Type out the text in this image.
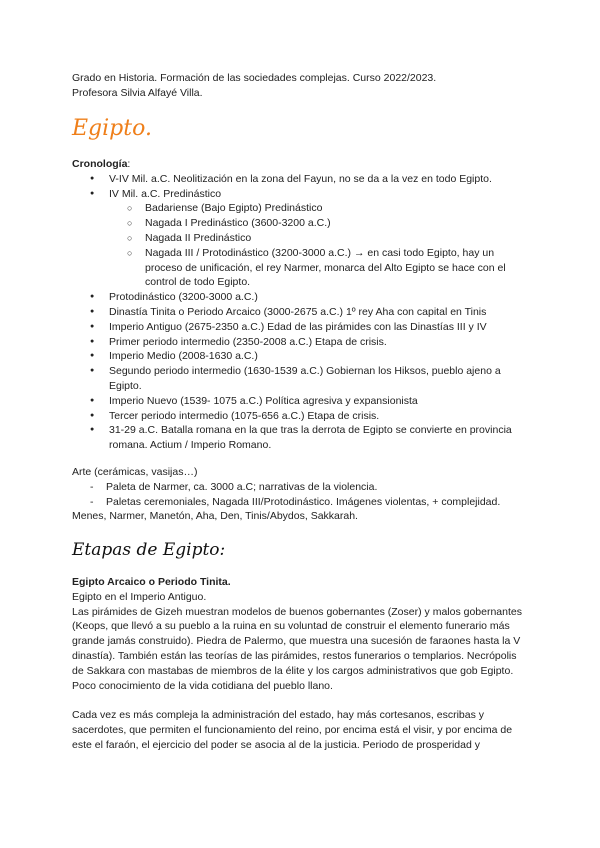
Grado en Historia. Formación de las sociedades complejas. Curso 2022/2023.

Profesora Silvia Alfayé Villa.

Egipto.

Cronología:

● V-IV Mil. a.C. Neolitización en la zona del Fayun, no se da a la vez en todo Egipto.
● IV Mil. a.C. Predinástico
○ Badariense (Bajo Egipto) Predinástico
○ Nagada I Predinástico (3600-3200 a.C.)
○ Nagada II Predinástico
○ Nagada III / Protodinástico (3200-3000 a.C.) → en casi todo Egipto, hay un proceso de unificación, el rey Narmer, monarca del Alto Egipto se hace con el control de todo Egipto.
● Protodinástico (3200-3000 a.C.)
● Dinastía Tinita o Periodo Arcaico (3000-2675 a.C.) 1º rey Aha con capital en Tinis
● Imperio Antiguo (2675-2350 a.C.) Edad de las pirámides con las Dinastías III y IV
● Primer periodo intermedio (2350-2008 a.C.) Etapa de crisis.
● Imperio Medio (2008-1630 a.C.)
● Segundo periodo intermedio (1630-1539 a.C.) Gobiernan los Hiksos, pueblo ajeno a Egipto.
● Imperio Nuevo (1539- 1075 a.C.) Política agresiva y expansionista
● Tercer periodo intermedio (1075-656 a.C.) Etapa de crisis.
● 31-29 a.C. Batalla romana en la que tras la derrota de Egipto se convierte en provincia romana. Actium / Imperio Romano.

Arte (cerámicas, vasijas…)

- Paleta de Narmer, ca. 3000 a.C; narrativas de la violencia.
- Paletas ceremoniales, Nagada III/Protodinástico. Imágenes violentas, + complejidad.

Menes, Narmer, Manetón, Aha, Den, Tinis/Abydos, Sakkarah.

Etapas de Egipto:

Egipto Arcaico o Periodo Tinita.

Egipto en el Imperio Antiguo.

Las pirámides de Gizeh muestran modelos de buenos gobernantes (Zoser) y malos gobernantes (Keops, que llevó a su pueblo a la ruina en su voluntad de construir el elemento funerario más grande jamás construido). Piedra de Palermo, que muestra una sucesión de faraones hasta la V dinastía). También están las teorías de las pirámides, restos funerarios o templarios. Necrópolis de Sakkara con mastabas de miembros de la élite y los cargos administrativos que gob Egipto. Poco conocimiento de la vida cotidiana del pueblo llano.

Cada vez es más compleja la administración del estado, hay más cortesanos, escribas y sacerdotes, que permiten el funcionamiento del reino, por encima está el visir, y por encima de este el faraón, el ejercicio del poder se asocia al de la justicia. Periodo de prosperidad y
